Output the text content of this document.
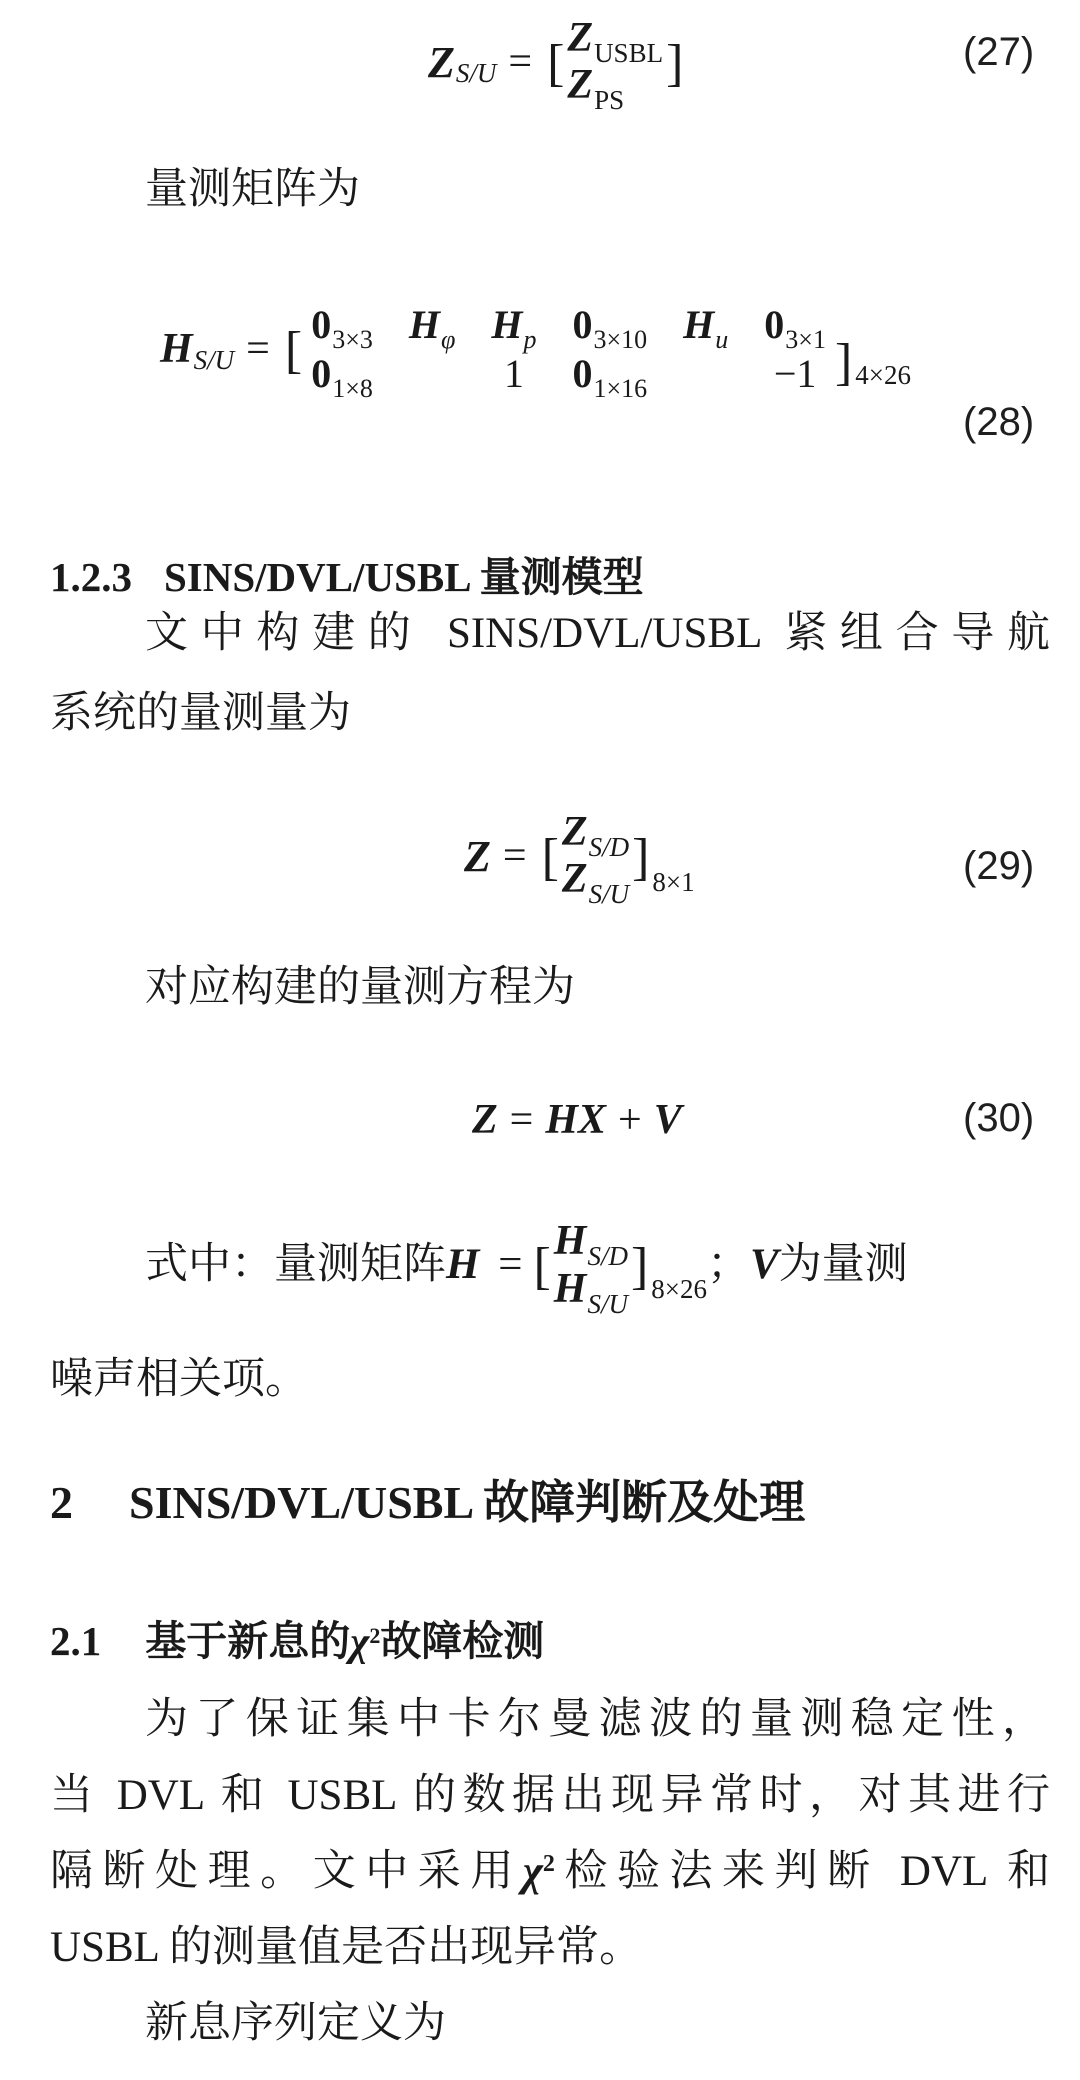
Z S/U = [ ZUSBL
ZPS
]	(27)
量测矩阵为
H S/U = [ $0_{3\times 3}$ $H_\varphi$ $H_p$ $0_{3\times 10}$ $H_u$ $0_{3\times 1}$
$0_{1\times 8}$	1 $0_{1\times 16}$	−1 ] 4×26
(28)
1.2.3 SINS/DVL/USBL 量测模型
文中构建的 SINS/DVL/USBL 紧组合导航
系统的量测量为
Z = [ ZS/D
ZS/U
] 8×1	(29)
对应构建的量测方程为
Z = H X + V	(30)
式中：量测矩阵H = [ $H_{S/D}$
$H_{S/U}$
] 8×26；V为量测
噪声相关项。
2 SINS/DVL/USBL 故障判断及处理
2.1 基于新息的$\chi^2$故障检测
为了保证集中卡尔曼滤波的量测稳定性，
当 DVL 和 USBL 的数据出现异常时，对其进行
隔断处理。文中采用$\chi^2$检验法来判断 DVL 和
USBL 的测量值是否出现异常。
新息序列定义为
